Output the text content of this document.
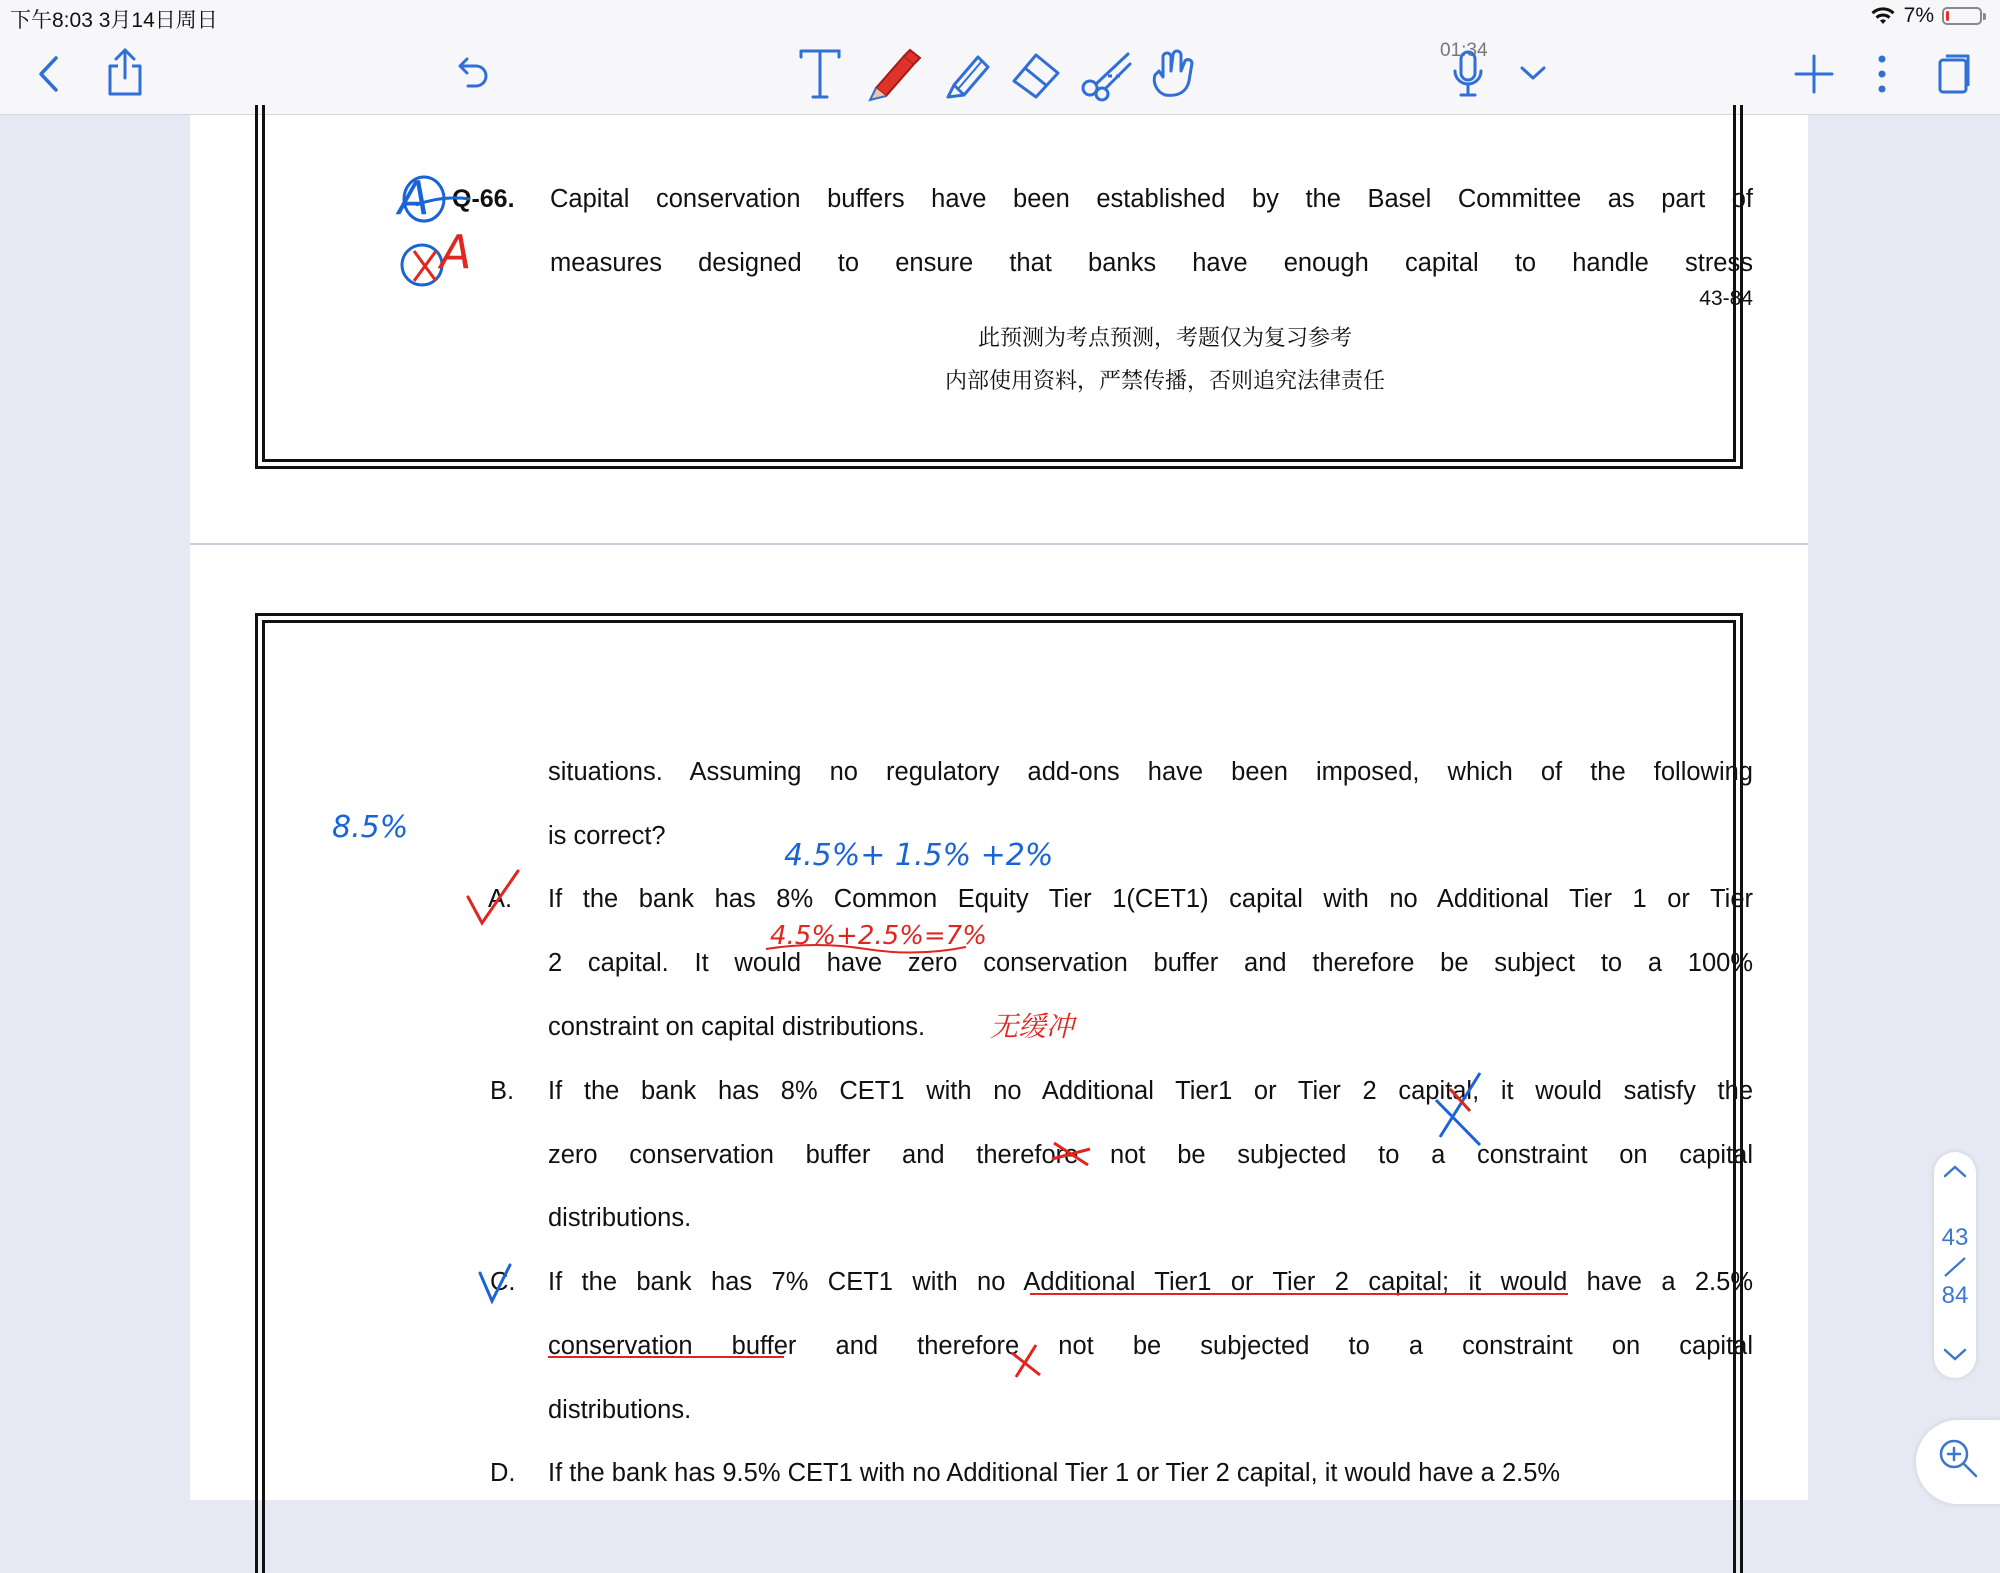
下午8:03 3月14日周日	7%
01:34
Q-66. Capital conservation buffers have been established by the Basel Committee as part of
measures designed to ensure that banks have enough capital to handle stress
43-84
此预测为考点预测，考题仅为复习参考
内部使用资料，严禁传播，否则追究法律责任
A
A
situations. Assuming no regulatory add-ons have been imposed, which of the following
is correct?
A. If the bank has 8% Common Equity Tier 1(CET1) capital with no Additional Tier 1 or Tier
2 capital. It would have zero conservation buffer and therefore be subject to a 100%
constraint on capital distributions.
B. If the bank has 8% CET1 with no Additional Tier1 or Tier 2 capital, it would satisfy the
zero conservation buffer and therefore not be subjected to a constraint on capital
distributions.
C. If the bank has 7% CET1 with no Additional Tier1 or Tier 2 capital; it would have a 2.5%
conservation buffer and therefore not be subjected to a constraint on capital
distributions.
D. If the bank has 9.5% CET1 with no Additional Tier 1 or Tier 2 capital, it would have a 2.5%
8.5%
4.5%+ 1.5% +2%
4.5%+2.5%=7%
无缓冲
43
84
